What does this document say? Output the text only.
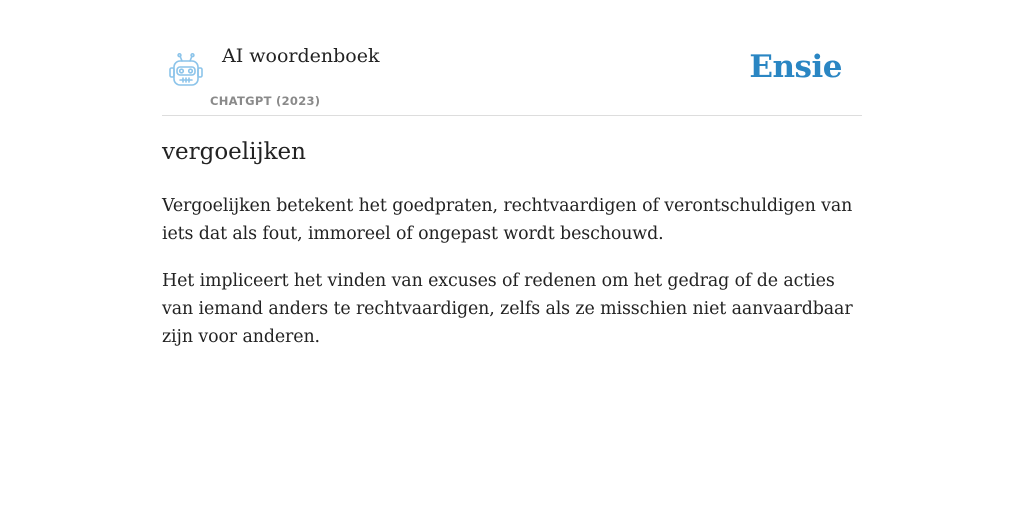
AI woordenboek
CHATGPT (2023)
Ensie
vergoelijken

Vergoelijken betekent het goedpraten, rechtvaardigen of verontschuldigen van iets dat als fout, immoreel of ongepast wordt beschouwd.

Het impliceert het vinden van excuses of redenen om het gedrag of de acties van iemand anders te rechtvaardigen, zelfs als ze misschien niet aanvaardbaar zijn voor anderen.
